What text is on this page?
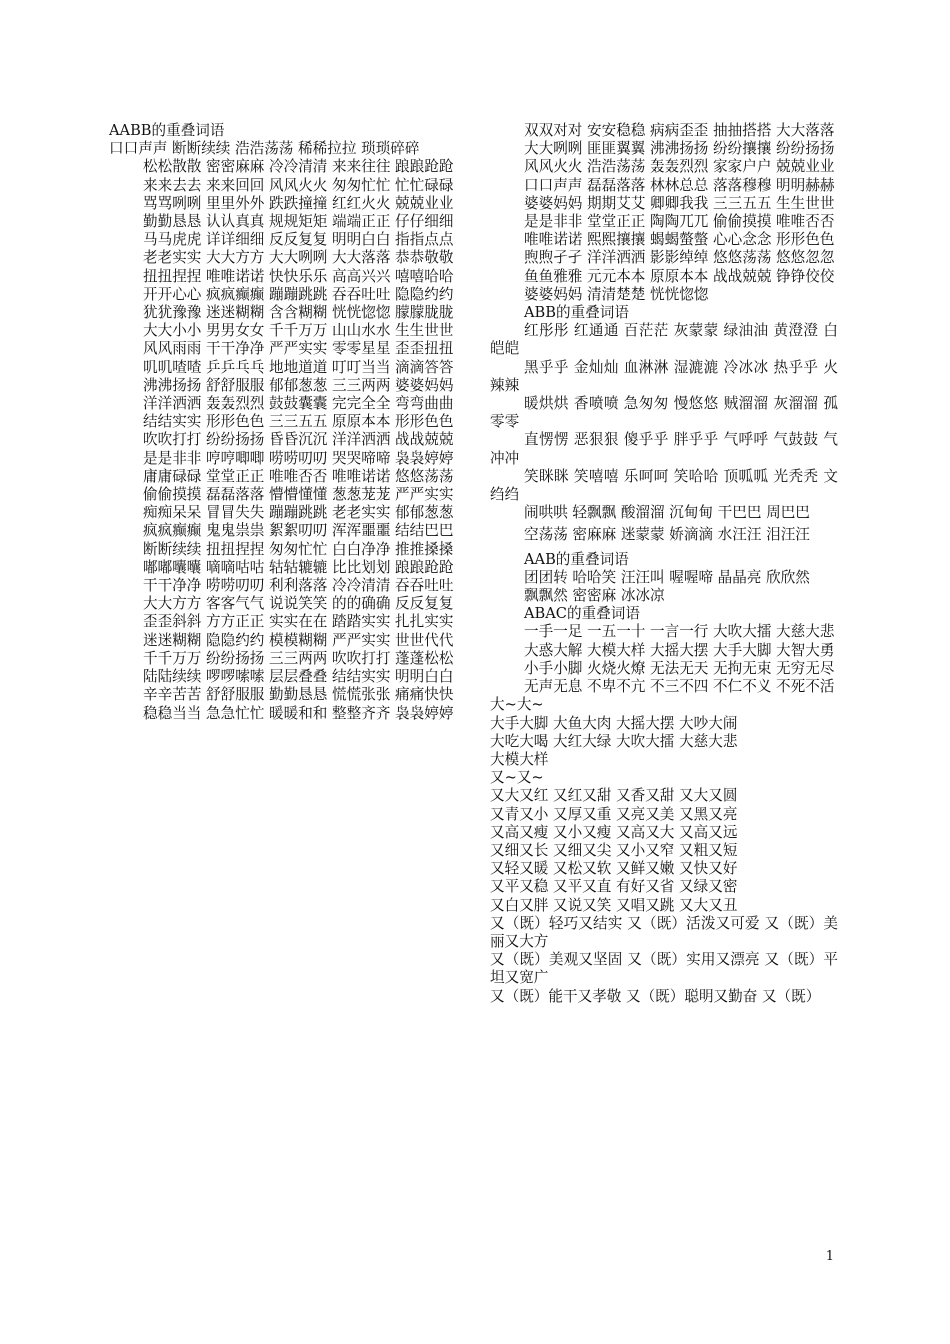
AABB的重叠词语
口口声声 断断续续 浩浩荡荡 稀稀拉拉 琐琐碎碎
松松散散 密密麻麻 冷冷清清 来来往往 踉踉跄跄
来来去去 来来回回 风风火火 匆匆忙忙 忙忙碌碌
骂骂咧咧 里里外外 跌跌撞撞 红红火火 兢兢业业
勤勤恳恳 认认真真 规规矩矩 端端正正 仔仔细细
马马虎虎 详详细细 反反复复 明明白白 指指点点
老老实实 大大方方 大大咧咧 大大落落 恭恭敬敬
扭扭捏捏 唯唯诺诺 快快乐乐 高高兴兴 嘻嘻哈哈
开开心心 疯疯癫癫 蹦蹦跳跳 吞吞吐吐 隐隐约约
犹犹豫豫 迷迷糊糊 含含糊糊 恍恍惚惚 朦朦胧胧
大大小小 男男女女 千千万万 山山水水 生生世世
风风雨雨 干干净净 严严实实 零零星星 歪歪扭扭
叽叽喳喳 乒乒乓乓 地地道道 叮叮当当 滴滴答答
沸沸扬扬 舒舒服服 郁郁葱葱 三三两两 婆婆妈妈
洋洋洒洒 轰轰烈烈 鼓鼓囊囊 完完全全 弯弯曲曲
结结实实 形形色色 三三五五 原原本本 形形色色
吹吹打打 纷纷扬扬 昏昏沉沉 洋洋洒洒 战战兢兢
是是非非 哼哼唧唧 唠唠叨叨 哭哭啼啼 袅袅婷婷
庸庸碌碌 堂堂正正 唯唯否否 唯唯诺诺 悠悠荡荡
偷偷摸摸 磊磊落落 懵懵懂懂 葱葱茏茏 严严实实
痴痴呆呆 冒冒失失 蹦蹦跳跳 老老实实 郁郁葱葱
疯疯癫癫 鬼鬼祟祟 絮絮叨叨 浑浑噩噩 结结巴巴
断断续续 扭扭捏捏 匆匆忙忙 白白净净 推推搡搡
嘟嘟囔囔 嘀嘀咕咕 轱轱辘辘 比比划划 踉踉跄跄
干干净净 唠唠叨叨 利利落落 冷冷清清 吞吞吐吐
大大方方 客客气气 说说笑笑 的的确确 反反复复
歪歪斜斜 方方正正 实实在在 踏踏实实 扎扎实实
迷迷糊糊 隐隐约约 模模糊糊 严严实实 世世代代
千千万万 纷纷扬扬 三三两两 吹吹打打 蓬蓬松松
陆陆续续 啰啰嗦嗦 层层叠叠 结结实实 明明白白
辛辛苦苦 舒舒服服 勤勤恳恳 慌慌张张 痛痛快快
稳稳当当 急急忙忙 暖暖和和 整整齐齐 袅袅婷婷
双双对对 安安稳稳 病病歪歪 抽抽搭搭 大大落落
大大咧咧 匪匪翼翼 沸沸扬扬 纷纷攘攘 纷纷扬扬
风风火火 浩浩荡荡 轰轰烈烈 家家户户 兢兢业业
口口声声 磊磊落落 林林总总 落落穆穆 明明赫赫
婆婆妈妈 期期艾艾 卿卿我我 三三五五 生生世世
是是非非 堂堂正正 陶陶兀兀 偷偷摸摸 唯唯否否
唯唯诺诺 熙熙攘攘 蝎蝎螫螫 心心念念 形形色色
煦煦孑孑 洋洋洒洒 影影绰绰 悠悠荡荡 悠悠忽忽
鱼鱼雅雅 元元本本 原原本本 战战兢兢 铮铮佼佼
婆婆妈妈 清清楚楚 恍恍惚惚
ABB的重叠词语
红彤彤 红通通 百茫茫 灰蒙蒙 绿油油 黄澄澄 白皑皑
黑乎乎 金灿灿 血淋淋 湿漉漉 冷冰冰 热乎乎 火辣辣
暖烘烘 香喷喷 急匆匆 慢悠悠 贼溜溜 灰溜溜 孤零零
直愣愣 恶狠狠 傻乎乎 胖乎乎 气呼呼 气鼓鼓 气冲冲
笑眯眯 笑嘻嘻 乐呵呵 笑哈哈 顶呱呱 光秃秃 文绉绉
闹哄哄 轻飘飘 酸溜溜 沉甸甸 干巴巴 周巴巴
空荡荡 密麻麻 迷蒙蒙 娇滴滴 水汪汪 泪汪汪
AAB的重叠词语
团团转 哈哈笑 汪汪叫 喔喔啼 晶晶亮 欣欣然
飘飘然 密密麻 冰冰凉
ABAC的重叠词语
一手一足 一五一十 一言一行 大吹大擂 大慈大悲
大惑大解 大模大样 大摇大摆 大手大脚 大智大勇
小手小脚 火烧火燎 无法无天 无拘无束 无穷无尽
无声无息 不卑不亢 不三不四 不仁不义 不死不活
大~大~
大手大脚 大鱼大肉 大摇大摆 大吵大闹
大吃大喝 大红大绿 大吹大擂 大慈大悲
大模大样
又~又~
又大又红 又红又甜 又香又甜 又大又圆
又青又小 又厚又重 又亮又美 又黑又亮
又高又瘦 又小又瘦 又高又大 又高又远
又细又长 又细又尖 又小又窄 又粗又短
又轻又暖 又松又软 又鲜又嫩 又快又好
又平又稳 又平又直 有好又省 又绿又密
又白又胖 又说又笑 又唱又跳 又大又丑
又（既）轻巧又结实 又（既）活泼又可爱 又（既）美丽又大方
又（既）美观又坚固 又（既）实用又漂亮 又（既）平坦又宽广
又（既）能干又孝敬 又（既）聪明又勤奋 又（既）
1
